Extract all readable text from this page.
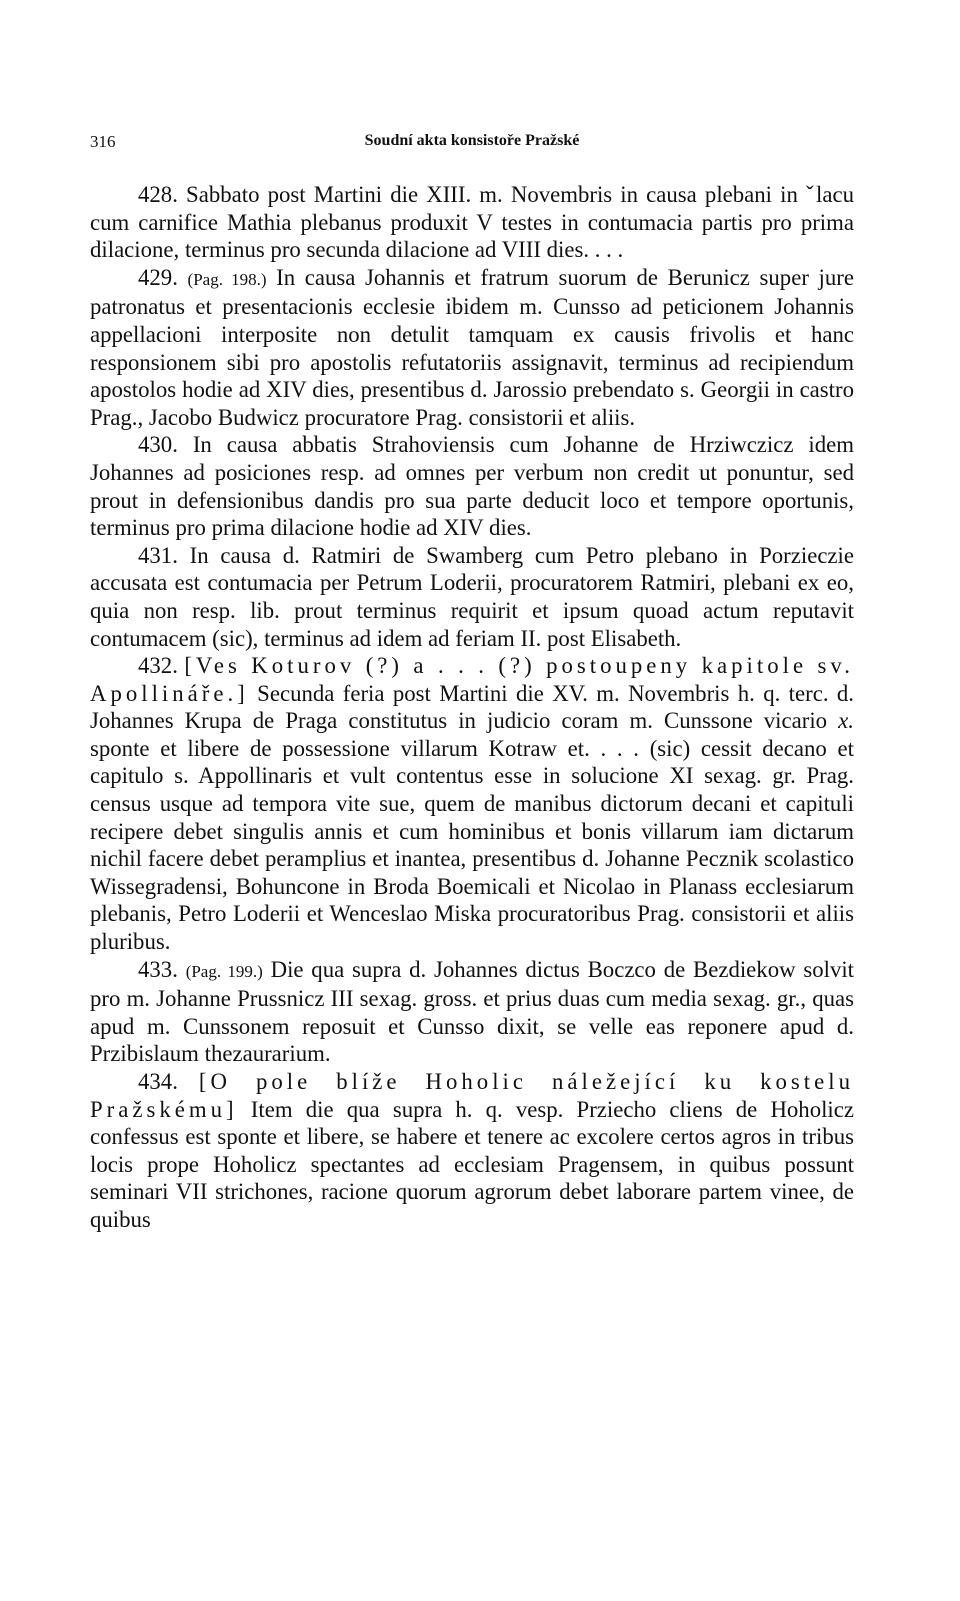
316	Soudní akta konsistoře Pražské

428. Sabbato post Martini die XIII. m. Novembris in causa plebani in ˇlacu cum carnifice Mathia plebanus produxit V testes in contumacia partis pro prima dilacione, terminus pro secunda dilacione ad VIII dies. . . .

429. (Pag. 198.) In causa Johannis et fratrum suorum de Berunicz super jure patronatus et presentacionis ecclesie ibidem m. Cunsso ad peticionem Johannis appellacioni interposite non detulit tamquam ex causis frivolis et hanc responsionem sibi pro apostolis refutatoriis assignavit, terminus ad recipiendum apostolos hodie ad XIV dies, presentibus d. Jarossio prebendato s. Georgii in castro Prag., Jacobo Budwicz procuratore Prag. consistorii et aliis.

430. In causa abbatis Strahoviensis cum Johanne de Hrziwczicz idem Johannes ad posiciones resp. ad omnes per verbum non credit ut ponuntur, sed prout in defensionibus dandis pro sua parte deducit loco et tempore oportunis, terminus pro prima dilacione hodie ad XIV dies.

431. In causa d. Ratmiri de Swamberg cum Petro plebano in Porzieczie accusata est contumacia per Petrum Loderii, procuratorem Ratmiri, plebani ex eo, quia non resp. lib. prout terminus requirit et ipsum quoad actum reputavit contumacem (sic), terminus ad idem ad feriam II. post Elisabeth.

432. [Ves Koturov (?) a . . . (?) postoupeny kapitole sv. Apollináře.] Secunda feria post Martini die XV. m. Novembris h. q. terc. d. Johannes Krupa de Praga constitutus in judicio coram m. Cunssone vicario x. sponte et libere de possessione villarum Kotraw et. . . . (sic) cessit decano et capitulo s. Appollinaris et vult contentus esse in solucione XI sexag. gr. Prag. census usque ad tempora vite sue, quem de manibus dictorum decani et capituli recipere debet singulis annis et cum hominibus et bonis villarum iam dictarum nichil facere debet peramplius et inantea, presentibus d. Johanne Pecznik scolastico Wissegradensi, Bohuncone in Broda Boemicali et Nicolao in Planass ecclesiarum plebanis, Petro Loderii et Wenceslao Miska procuratoribus Prag. consistorii et aliis pluribus.

433. (Pag. 199.) Die qua supra d. Johannes dictus Boczco de Bezdiekow solvit pro m. Johanne Prussnicz III sexag. gross. et prius duas cum media sexag. gr., quas apud m. Cunssonem reposuit et Cunsso dixit, se velle eas reponere apud d. Przibislaum thezaurarium.

434. [O pole blíže Hoholic náležející ku kostelu Pražskému] Item die qua supra h. q. vesp. Prziecho cliens de Hoholicz confessus est sponte et libere, se habere et tenere ac excolere certos agros in tribus locis prope Hoholicz spectantes ad ecclesiam Pragensem, in quibus possunt seminari VII strichones, racione quorum agrorum debet laborare partem vinee, de quibus
